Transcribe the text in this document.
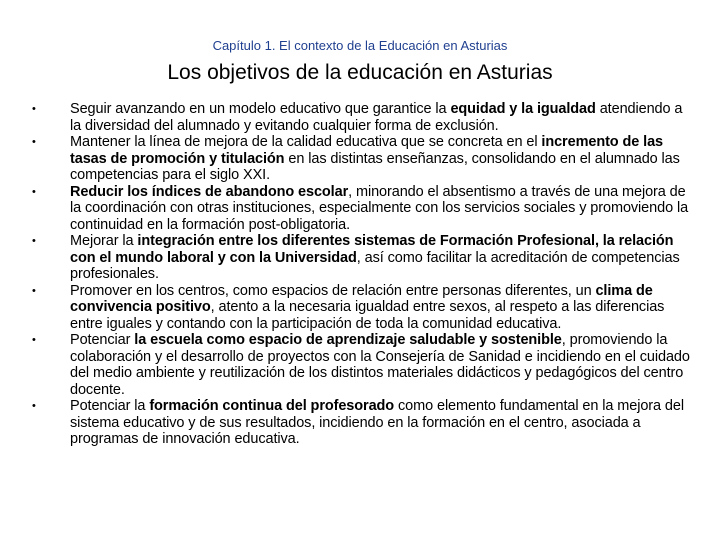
Capítulo 1. El contexto de la Educación en Asturias
Los objetivos de la educación en Asturias
•	Seguir avanzando en un modelo educativo que garantice la equidad y la igualdad atendiendo a la diversidad del alumnado y evitando cualquier forma de exclusión.
•	Mantener la línea de mejora de la calidad educativa que se concreta en el incremento de las tasas de promoción y titulación en las distintas enseñanzas, consolidando en el alumnado las competencias para el siglo XXI.
•	Reducir los índices de abandono escolar, minorando el absentismo a través de una mejora de la coordinación con otras instituciones, especialmente con los servicios sociales y promoviendo la continuidad en la formación post-obligatoria.
•	Mejorar la integración entre los diferentes sistemas de Formación Profesional, la relación con el mundo laboral y con la Universidad, así como facilitar la acreditación de competencias profesionales.
•	Promover en los centros, como espacios de relación entre personas diferentes, un clima de convivencia positivo, atento a la necesaria igualdad entre sexos, al respeto a las diferencias entre iguales y contando con la participación de toda la comunidad educativa.
•	Potenciar la escuela como espacio de aprendizaje saludable y sostenible, promoviendo la colaboración y el desarrollo de proyectos con la Consejería de Sanidad e incidiendo en el cuidado del medio ambiente y reutilización de los distintos materiales didácticos y pedagógicos del centro docente.
•	Potenciar la formación continua del profesorado como elemento fundamental en la mejora del sistema educativo y de sus resultados, incidiendo en la formación en el centro, asociada a programas de innovación educativa.
